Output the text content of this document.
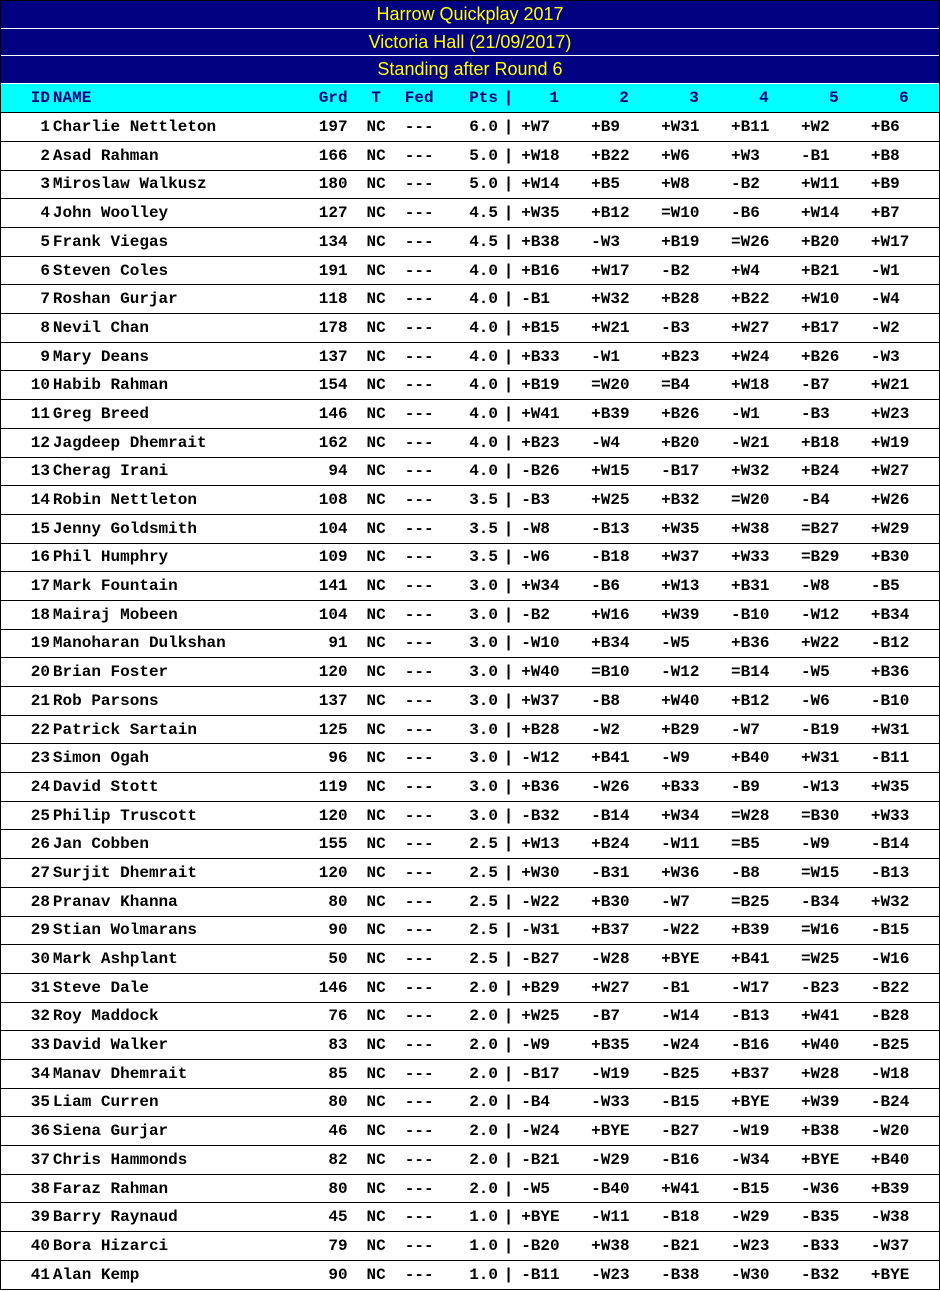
Harrow Quickplay 2017
Victoria Hall (21/09/2017)
Standing after Round 6
ID	NAME	Grd	T	Fed	Pts	|	1	2	3	4	5	6
1	Charlie Nettleton	197	NC	---	6.0	|	+W7	+B9	+W31	+B11	+W2	+B6
2	Asad Rahman	166	NC	---	5.0	|	+W18	+B22	+W6	+W3	-B1	+B8
3	Miroslaw Walkusz	180	NC	---	5.0	|	+W14	+B5	+W8	-B2	+W11	+B9
4	John Woolley	127	NC	---	4.5	|	+W35	+B12	=W10	-B6	+W14	+B7
5	Frank Viegas	134	NC	---	4.5	|	+B38	-W3	+B19	=W26	+B20	+W17
6	Steven Coles	191	NC	---	4.0	|	+B16	+W17	-B2	+W4	+B21	-W1
7	Roshan Gurjar	118	NC	---	4.0	|	-B1	+W32	+B28	+B22	+W10	-W4
8	Nevil Chan	178	NC	---	4.0	|	+B15	+W21	-B3	+W27	+B17	-W2
9	Mary Deans	137	NC	---	4.0	|	+B33	-W1	+B23	+W24	+B26	-W3
10	Habib Rahman	154	NC	---	4.0	|	+B19	=W20	=B4	+W18	-B7	+W21
11	Greg Breed	146	NC	---	4.0	|	+W41	+B39	+B26	-W1	-B3	+W23
12	Jagdeep Dhemrait	162	NC	---	4.0	|	+B23	-W4	+B20	-W21	+B18	+W19
13	Cherag Irani	94	NC	---	4.0	|	-B26	+W15	-B17	+W32	+B24	+W27
14	Robin Nettleton	108	NC	---	3.5	|	-B3	+W25	+B32	=W20	-B4	+W26
15	Jenny Goldsmith	104	NC	---	3.5	|	-W8	-B13	+W35	+W38	=B27	+W29
16	Phil Humphry	109	NC	---	3.5	|	-W6	-B18	+W37	+W33	=B29	+B30
17	Mark Fountain	141	NC	---	3.0	|	+W34	-B6	+W13	+B31	-W8	-B5
18	Mairaj Mobeen	104	NC	---	3.0	|	-B2	+W16	+W39	-B10	-W12	+B34
19	Manoharan Dulkshan	91	NC	---	3.0	|	-W10	+B34	-W5	+B36	+W22	-B12
20	Brian Foster	120	NC	---	3.0	|	+W40	=B10	-W12	=B14	-W5	+B36
21	Rob Parsons	137	NC	---	3.0	|	+W37	-B8	+W40	+B12	-W6	-B10
22	Patrick Sartain	125	NC	---	3.0	|	+B28	-W2	+B29	-W7	-B19	+W31
23	Simon Ogah	96	NC	---	3.0	|	-W12	+B41	-W9	+B40	+W31	-B11
24	David Stott	119	NC	---	3.0	|	+B36	-W26	+B33	-B9	-W13	+W35
25	Philip Truscott	120	NC	---	3.0	|	-B32	-B14	+W34	=W28	=B30	+W33
26	Jan Cobben	155	NC	---	2.5	|	+W13	+B24	-W11	=B5	-W9	-B14
27	Surjit Dhemrait	120	NC	---	2.5	|	+W30	-B31	+W36	-B8	=W15	-B13
28	Pranav Khanna	80	NC	---	2.5	|	-W22	+B30	-W7	=B25	-B34	+W32
29	Stian Wolmarans	90	NC	---	2.5	|	-W31	+B37	-W22	+B39	=W16	-B15
30	Mark Ashplant	50	NC	---	2.5	|	-B27	-W28	+BYE	+B41	=W25	-W16
31	Steve Dale	146	NC	---	2.0	|	+B29	+W27	-B1	-W17	-B23	-B22
32	Roy Maddock	76	NC	---	2.0	|	+W25	-B7	-W14	-B13	+W41	-B28
33	David Walker	83	NC	---	2.0	|	-W9	+B35	-W24	-B16	+W40	-B25
34	Manav Dhemrait	85	NC	---	2.0	|	-B17	-W19	-B25	+B37	+W28	-W18
35	Liam Curren	80	NC	---	2.0	|	-B4	-W33	-B15	+BYE	+W39	-B24
36	Siena Gurjar	46	NC	---	2.0	|	-W24	+BYE	-B27	-W19	+B38	-W20
37	Chris Hammonds	82	NC	---	2.0	|	-B21	-W29	-B16	-W34	+BYE	+B40
38	Faraz Rahman	80	NC	---	2.0	|	-W5	-B40	+W41	-B15	-W36	+B39
39	Barry Raynaud	45	NC	---	1.0	|	+BYE	-W11	-B18	-W29	-B35	-W38
40	Bora Hizarci	79	NC	---	1.0	|	-B20	+W38	-B21	-W23	-B33	-W37
41	Alan Kemp	90	NC	---	1.0	|	-B11	-W23	-B38	-W30	-B32	+BYE
